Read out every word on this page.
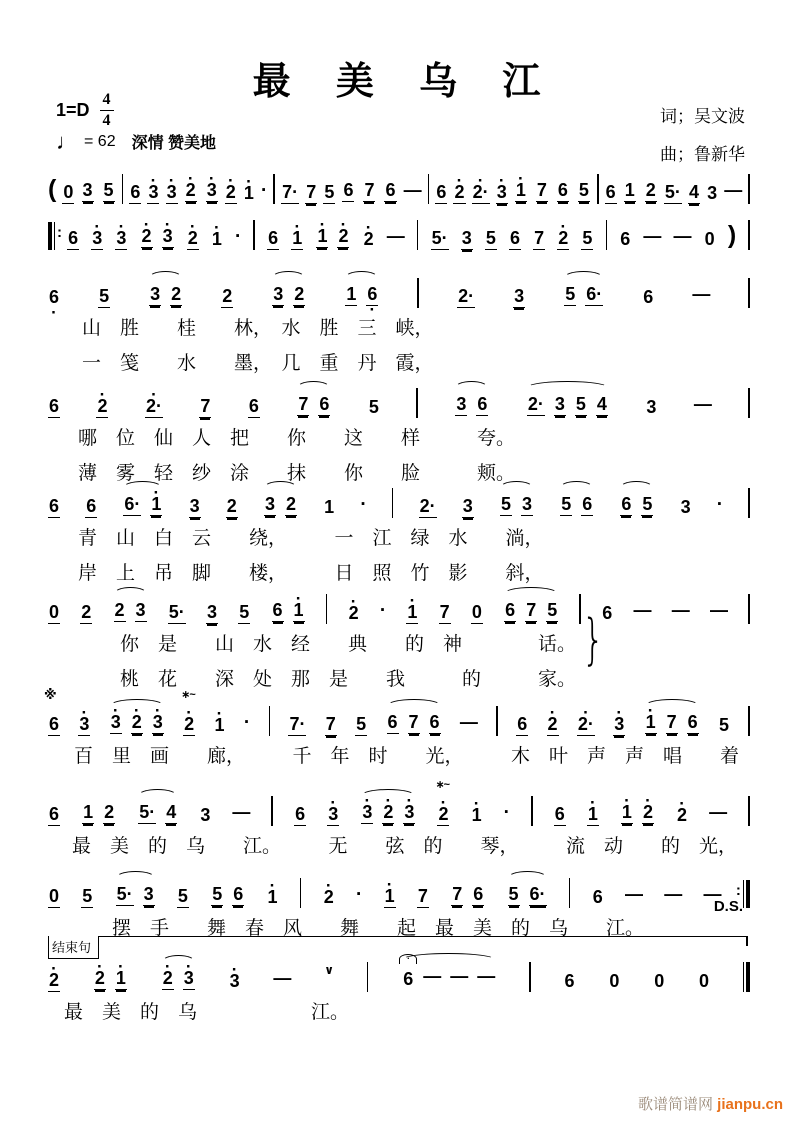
最 美 乌 江
$1=D \frac{4}{4}$
♩ = 62 深情 赞美地
词；吴文波
曲；鲁新华
( 0 3 5 6 · 3 · 3 · 2 · 3 · 2 · 1 · 7· 7 5 6 7 6 — 6 · 2 · 2· · 3 · 1 7 6 5 6 1 2 5· 4 3 —
:
6 · 3 · 3 · 2 · 3 · 2 · 1 · 6 · 1 · 1 · 2 · 2 — 5· 3 5 6 7 · 2 5 6 — — 0 )
6 · 5 3 2 2 3 2 1 6 ·	2· 3 5 6· 6 —
山　胜　　桂　　林，　水　胜　三　峡，
一　笺　　水　　墨，　几　重　丹　霞，
6 · 2 · 2· 7 6 7 6 5	3 6 2· 3 5 4 3 —
哪　位　仙　人　把　　你　　这　　样　　　夸。
薄　雾　轻　纱　涂　　抹　　你　　脸　　　颊。
6 6 6· · 1 3 2 3 2 1 ·	2· 3 5 3 5 6 6 5 3 ·
青　山　白　云　　绕，　　　一　江　绿　水　　淌，
岸　上　吊　脚　　楼，　　　日　照　竹　影　　斜，
0 2 2 3 5· 3 5 6 · 1	· 2 · · 1 7 0 6 7 5	6 — — —
你　是　　山　水　经　　典　　的　神　　　　话。
桃　花　　深　处　那　是　　我　　　的　　　家。
6
※
· 3 · 3 · 2 · 3 · 2
∗~
· 1 · 7· 7 5 6 7 6 — 6 · 2 · 2· · 3 · 1 7 6 5
百　里　画　　廊，　　　千　年　时　　光，　　　木　叶　声　声　唱　　着
6 1 2 5· 4 3 — 6 · 3 · 3 · 2 · 3 · 2
∗~
· 1 · 6 · 1 · 1 · 2 · 2 —
最　美　的　乌　　江。　　　无　　弦　的　　琴，　　　流　动　　的　光，
0 5 5· 3 5 5 6 · 1	· 2 · · 1 7 7 6 5 6·	6 — — —
:
摆　手　　舞　春　风　　舞　　起　最　美　的　乌　　江。
· 2 · 2 · 1 · 2 · 3 · 3 —	∨	6
· — — —	6 0 0 0
最　美　的　乌　　　　　　江。
结束句
D.S.
}
歌谱简谱网 jianpu.cn
